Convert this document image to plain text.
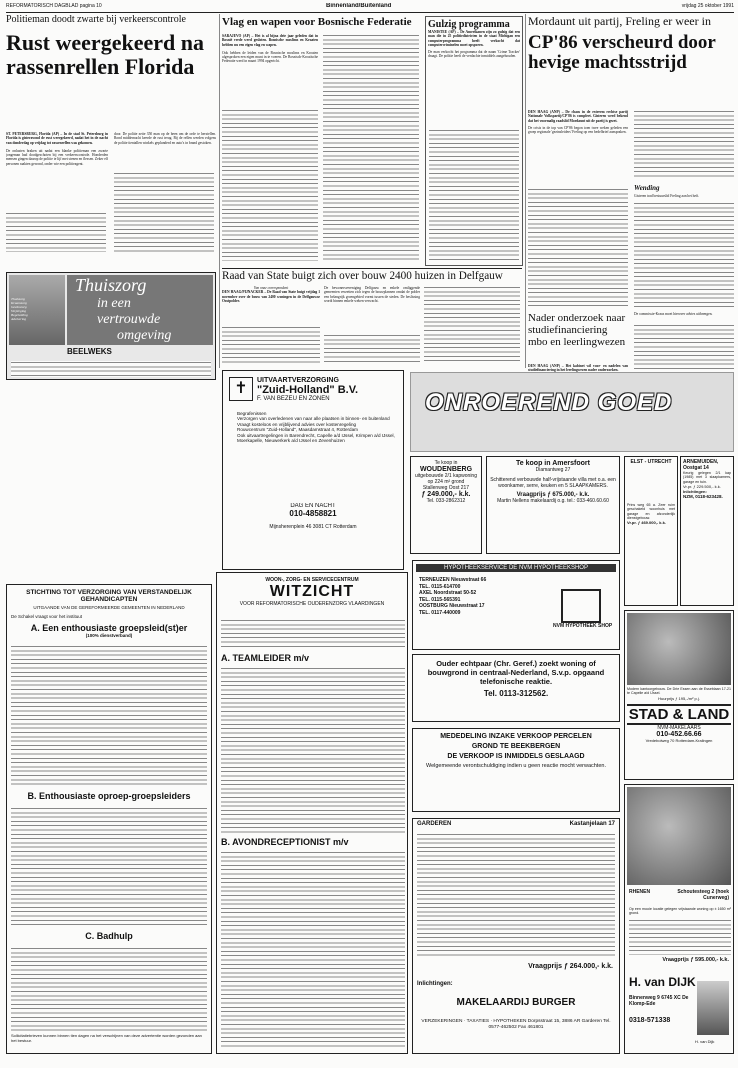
REFORMATORISCH DAGBLAD pagina 10	Binnenland/Buitenland	vrijdag 25 oktober 1991
Politieman doodt zwarte bij verkeerscontrole
Rust weergekeerd na rassenrellen Florida
ST. PETERSBURG, Florida (AP) – In de stad St. Petersburg in Florida is gisteravond de rust weergekeerd, nadat het in de nacht van donderdag op vrijdag tot rassenrellen was gekomen.
De onlusten braken uit nadat een blanke politieman een zwarte jongeman had doodgeschoten bij een verkeerscontrole. Honderden mensen gingen daarop de politie te lijf met stenen en flessen. Zeker elf personen raakten gewond, onder wie een politieagent.
door. De politie zette 350 man op de been om de orde te herstellen. Rond middernacht keerde de rust terug. Bij de rellen werden volgens de politie tientallen winkels geplunderd en auto's in brand gestoken.
Vlag en wapen voor Bosnische Federatie
SARAJEVO (AP) – Het is al bijna drie jaar geleden dat in Bosnië vrede werd gesloten. Bosnische moslims en Kroaten hebben nu een eigen vlag en wapen.
Ook hebben de leiden van de Bosnische moslims en Kroaten afgesproken een eigen munt in te voeren. De Bosnisch-Kroatische Federatie werd in maart 1994 opgericht.
Gulzig programma
MANISTEE (AP) – De Amerikanen zijn zo gulzig dat een man die in 25 politiedistricten in de staat Michigan een computerprogramma heeft verkocht dat computercriminelen moet opsporen.
De man verkocht het programma dat de naam 'Crime Tracker' draagt. De politie heeft de verdachte inmiddels aangehouden.
Mordaunt uit partij, Freling er weer in
CP'86 verscheurd door hevige machtsstrijd
DEN HAAG (ANP) – De chaos in de extreem rechtse partij Nationale Volkspartij/CP'86 is compleet. Gisteren werd bekend dat het voormalig raadslid Mordaunt uit de partij is gezet.
De crisis in de top van CP'86 begon toen twee weken geleden een groep regionale 'gezinsleiders' Freling op een bedelbrief aanspraken.
Wending
Gisteren trad bestuurslid Freling aan het heft.
Raad van State buigt zich over bouw 2400 huizen in Delfgauw
Van onze correspondent
DEN HAAG/PIJNACKER – De Raad van State buigt vrijdag 1 november over de bouw van 2400 woningen in de Delfgauwse Oostpolder.
De bewonersvereniging Delfgauw en enkele omliggende gemeenten verzetten zich tegen de bouwplannen omdat de polder een belangrijk groengebied vormt tussen de steden. De beslissing wordt binnen enkele weken verwacht.
Nader onderzoek naar studiefinanciering mbo en leerlingwezen
DEN HAAG (ANP) – Het kabinet wil voor- en nadelen van studiefinanciering in het leerlingwezen nader onderzoeken.
De commissie-Kraus moet hierover advies uitbrengen.
Thuiszorg
in een
vertrouwde
omgeving
Thuiszorg
Kraamzorg
Gezinszorg
Verpleging
Begeleiding
Advisering
BEELWEKS
✝	UITVAARTVERZORGING
"Zuid-Holland" B.V.
F. VAN BEZEU EN ZONEN
• Begrafenissen
• Verzorgen van overledenen van naar alle plaatsen in binnen- en buitenland
• Vraagt kosteloos en vrijblijvend advies over kostenregeling
• Rouwcentrum "Zuid-Holland", Maasdamstraat 4, Rotterdam
• Ook uitvaartregelingen in Barendrecht, Capelle a/d IJssel, Krimpen a/d IJssel, Moerkapelle, Nieuwerkerk a/d IJssel en Zevenhuizen
DAG EN NACHT
010-4858821
Mijnsherenplein 46 3081 CT Rotterdam
ONROEREND GOED
Te koop in
WOUDENBERG
uitgebouwde 2/1 kapwoning op 224 m² grond
Stallenweg Oost 217
ƒ 249.000,- k.k.
Tel. 033-2862312
Te koop in Amersfoort
Diamantweg 27
Schitterend verbouwde half-vrijstaande villa met o.a. een woonkamer, serre, keuken en 5 SLAAPKAMERS.
Vraagprijs ƒ 675.000,- k.k.
Martin Nellens makelaardij o.g. tel.: 033-460.60.60
ELST - UTRECHT
Prins weg 65 a. Zeer ruim geschakeld woonhuis met garage en afzonderlijk dienstgebouw.
Vr.pr. ƒ 469.000,- k.k.
ARNEMUIDEN, Oostgat 14
Keurig gelegen 2/1 kap (1985) met 3 slaapkamers, garage en tuin.
Vr.pr. ƒ 229.500,- k.k.
Inlichtingen:
NZM, 0118-623428.
STICHTING TOT VERZORGING VAN VERSTANDELIJK GEHANDICAPTEN
UITGAANDE VAN DE GEREFORMEERDE GEMEENTEN IN NEDERLAND
De Schakel vraagt voor het instituut
A. Een enthousiaste groepsleid(st)er
(100% dienstverband)
B. Enthousiaste oproep-groepsleiders
C. Badhulp
Sollicitatiebrieven kunnen binnen tien dagen na het verschijnen van deze advertentie worden gezonden aan het bestuur.
WOON-, ZORG- EN SERVICECENTRUM
WITZICHT
VOOR REFORMATORISCHE OUDERENZORG VLAARDINGEN
A. TEAMLEIDER m/v
B. AVONDRECEPTIONIST m/v
HYPOTHEEKSERVICE DE NVM HYPOTHEEKSHOP
TERNEUZEN Nieuwstraat 66
TEL. 0115-614700
AXEL Noordstraat 50-52
TEL. 0115-565391
OOSTBURG Nieuwstraat 17
TEL. 0117-440009
NVM HYPOTHEEK SHOP
Ouder echtpaar (Chr. Geref.) zoekt woning of bouwgrond in centraal-Nederland, S.v.p. opgaand telefonische reaktie.
Tel. 0113-312562.
MEDEDELING INZAKE VERKOOP PERCELEN
GROND TE BEEKBERGEN
DE VERKOOP IS INMIDDELS GESLAAGD
Welgemeende verontschuldiging indien u geen reactie mocht verwachten.
GARDEREN	Kastanjelaan 17
Vraagprijs ƒ 264.000,- k.k.
Inlichtingen:
MAKELAARDIJ BURGER
VERZEKERINGEN · TAXATIES · HYPOTHEKEN Dorpsstraat 15, 3886 AR Garderen Tel. 0577-462502 Fax 461801
Modern kantoorgebouw. De Drie Essen aan de Esseblaan 17-21 te Capelle a/d IJssel.
Huurprijs ƒ 195,-/m² p.j.
STAD & LAND
NVM-MAKELAARS
010-452.66.66
Vredebolweg 70 Rotterdam-Kralingen
RHENEN	Schoutesteeg 2 (hoek Cunerweg)
Op een mooie locatie gelegen vrijstaande woning op ± 1650 m² grond.
Vraagprijs ƒ 595.000,- k.k.
H. van DIJK
Binnenweg 9 6745 XC De Klomp-Ede
0318-571338
H. van Dijk
